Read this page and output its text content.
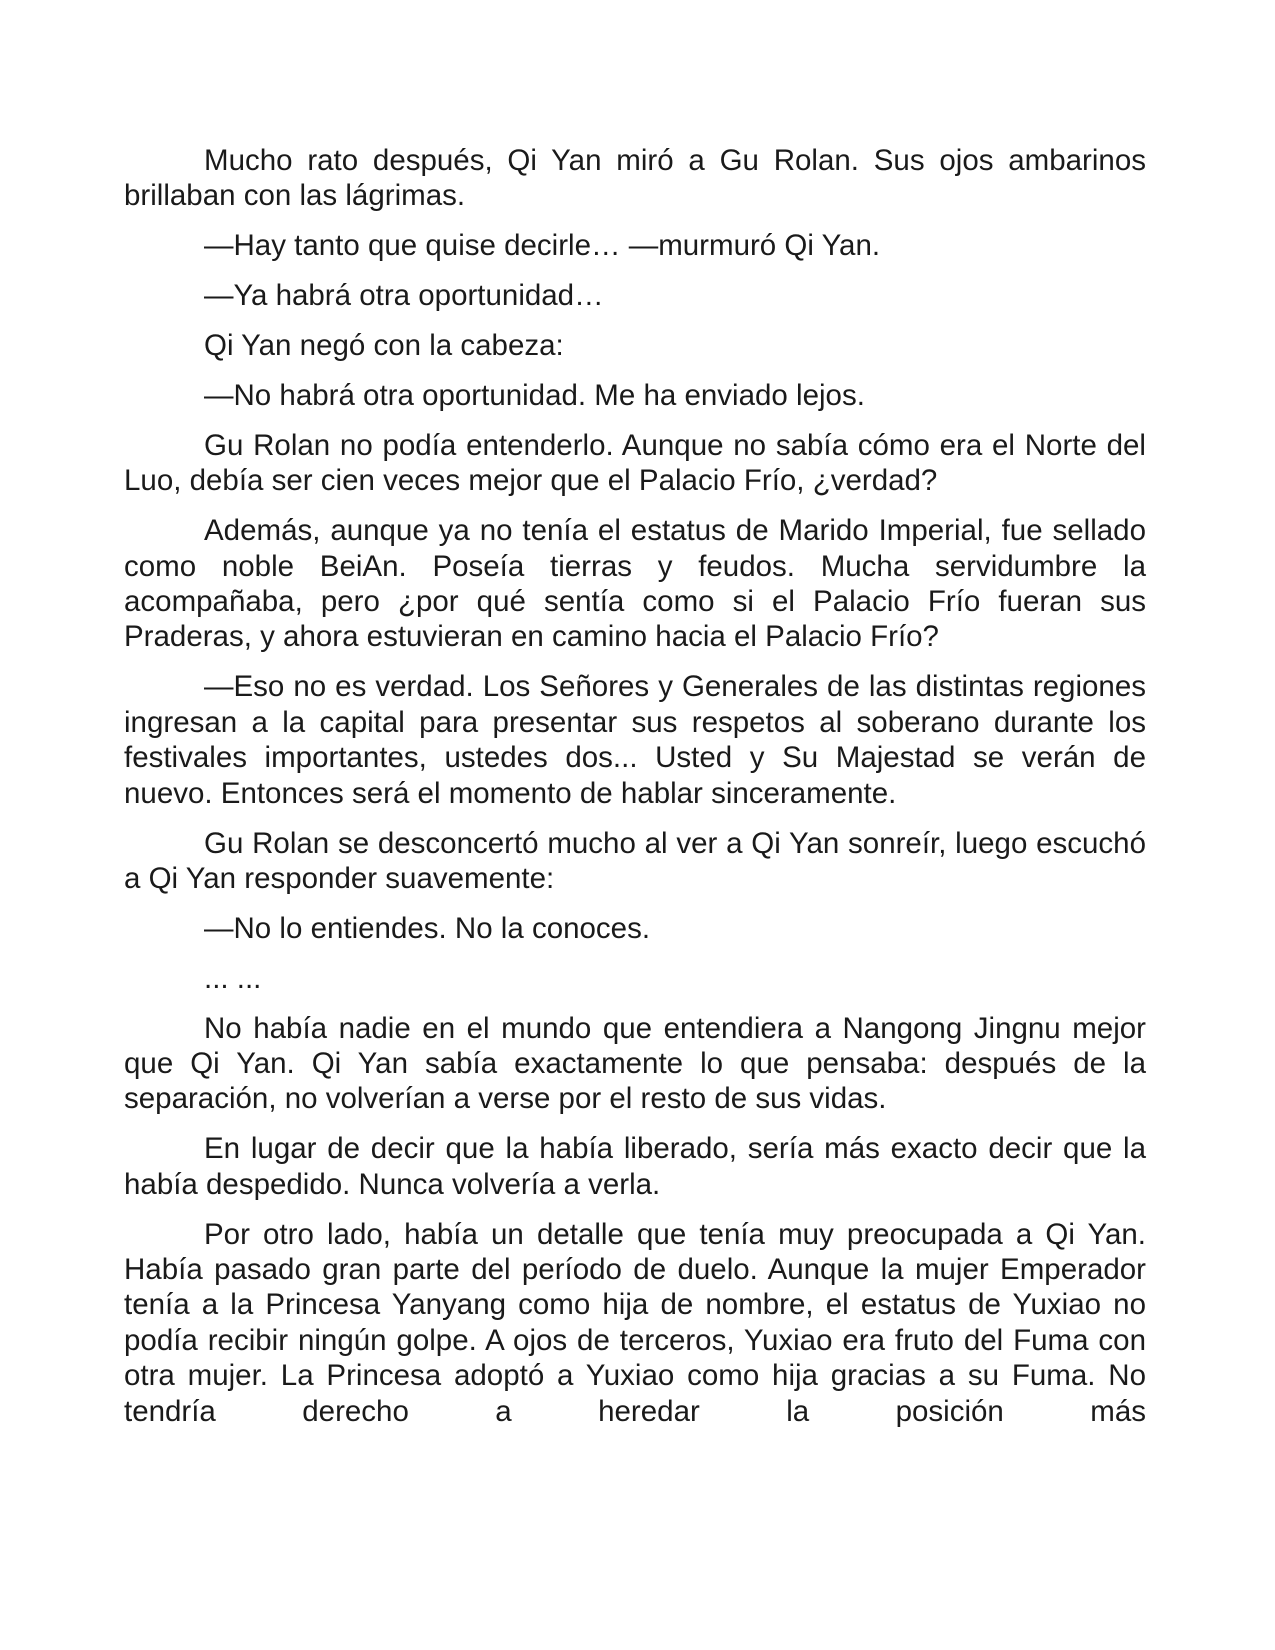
Mucho rato después, Qi Yan miró a Gu Rolan. Sus ojos ambarinos brillaban con las lágrimas.

—Hay tanto que quise decirle… —murmuró Qi Yan.

—Ya habrá otra oportunidad…

Qi Yan negó con la cabeza:

—No habrá otra oportunidad. Me ha enviado lejos.

Gu Rolan no podía entenderlo. Aunque no sabía cómo era el Norte del Luo, debía ser cien veces mejor que el Palacio Frío, ¿verdad?

Además, aunque ya no tenía el estatus de Marido Imperial, fue sellado como noble BeiAn. Poseía tierras y feudos. Mucha servidumbre la acompañaba, pero ¿por qué sentía como si el Palacio Frío fueran sus Praderas, y ahora estuvieran en camino hacia el Palacio Frío?

—Eso no es verdad. Los Señores y Generales de las distintas regiones ingresan a la capital para presentar sus respetos al soberano durante los festivales importantes, ustedes dos... Usted y Su Majestad se verán de nuevo. Entonces será el momento de hablar sinceramente.

Gu Rolan se desconcertó mucho al ver a Qi Yan sonreír, luego escuchó a Qi Yan responder suavemente:

—No lo entiendes. No la conoces.

... ...

No había nadie en el mundo que entendiera a Nangong Jingnu mejor que Qi Yan. Qi Yan sabía exactamente lo que pensaba: después de la separación, no volverían a verse por el resto de sus vidas.

En lugar de decir que la había liberado, sería más exacto decir que la había despedido. Nunca volvería a verla.

Por otro lado, había un detalle que tenía muy preocupada a Qi Yan. Había pasado gran parte del período de duelo. Aunque la mujer Emperador tenía a la Princesa Yanyang como hija de nombre, el estatus de Yuxiao no podía recibir ningún golpe. A ojos de terceros, Yuxiao era fruto del Fuma con otra mujer. La Princesa adoptó a Yuxiao como hija gracias a su Fuma. No tendría derecho a heredar la posición más
